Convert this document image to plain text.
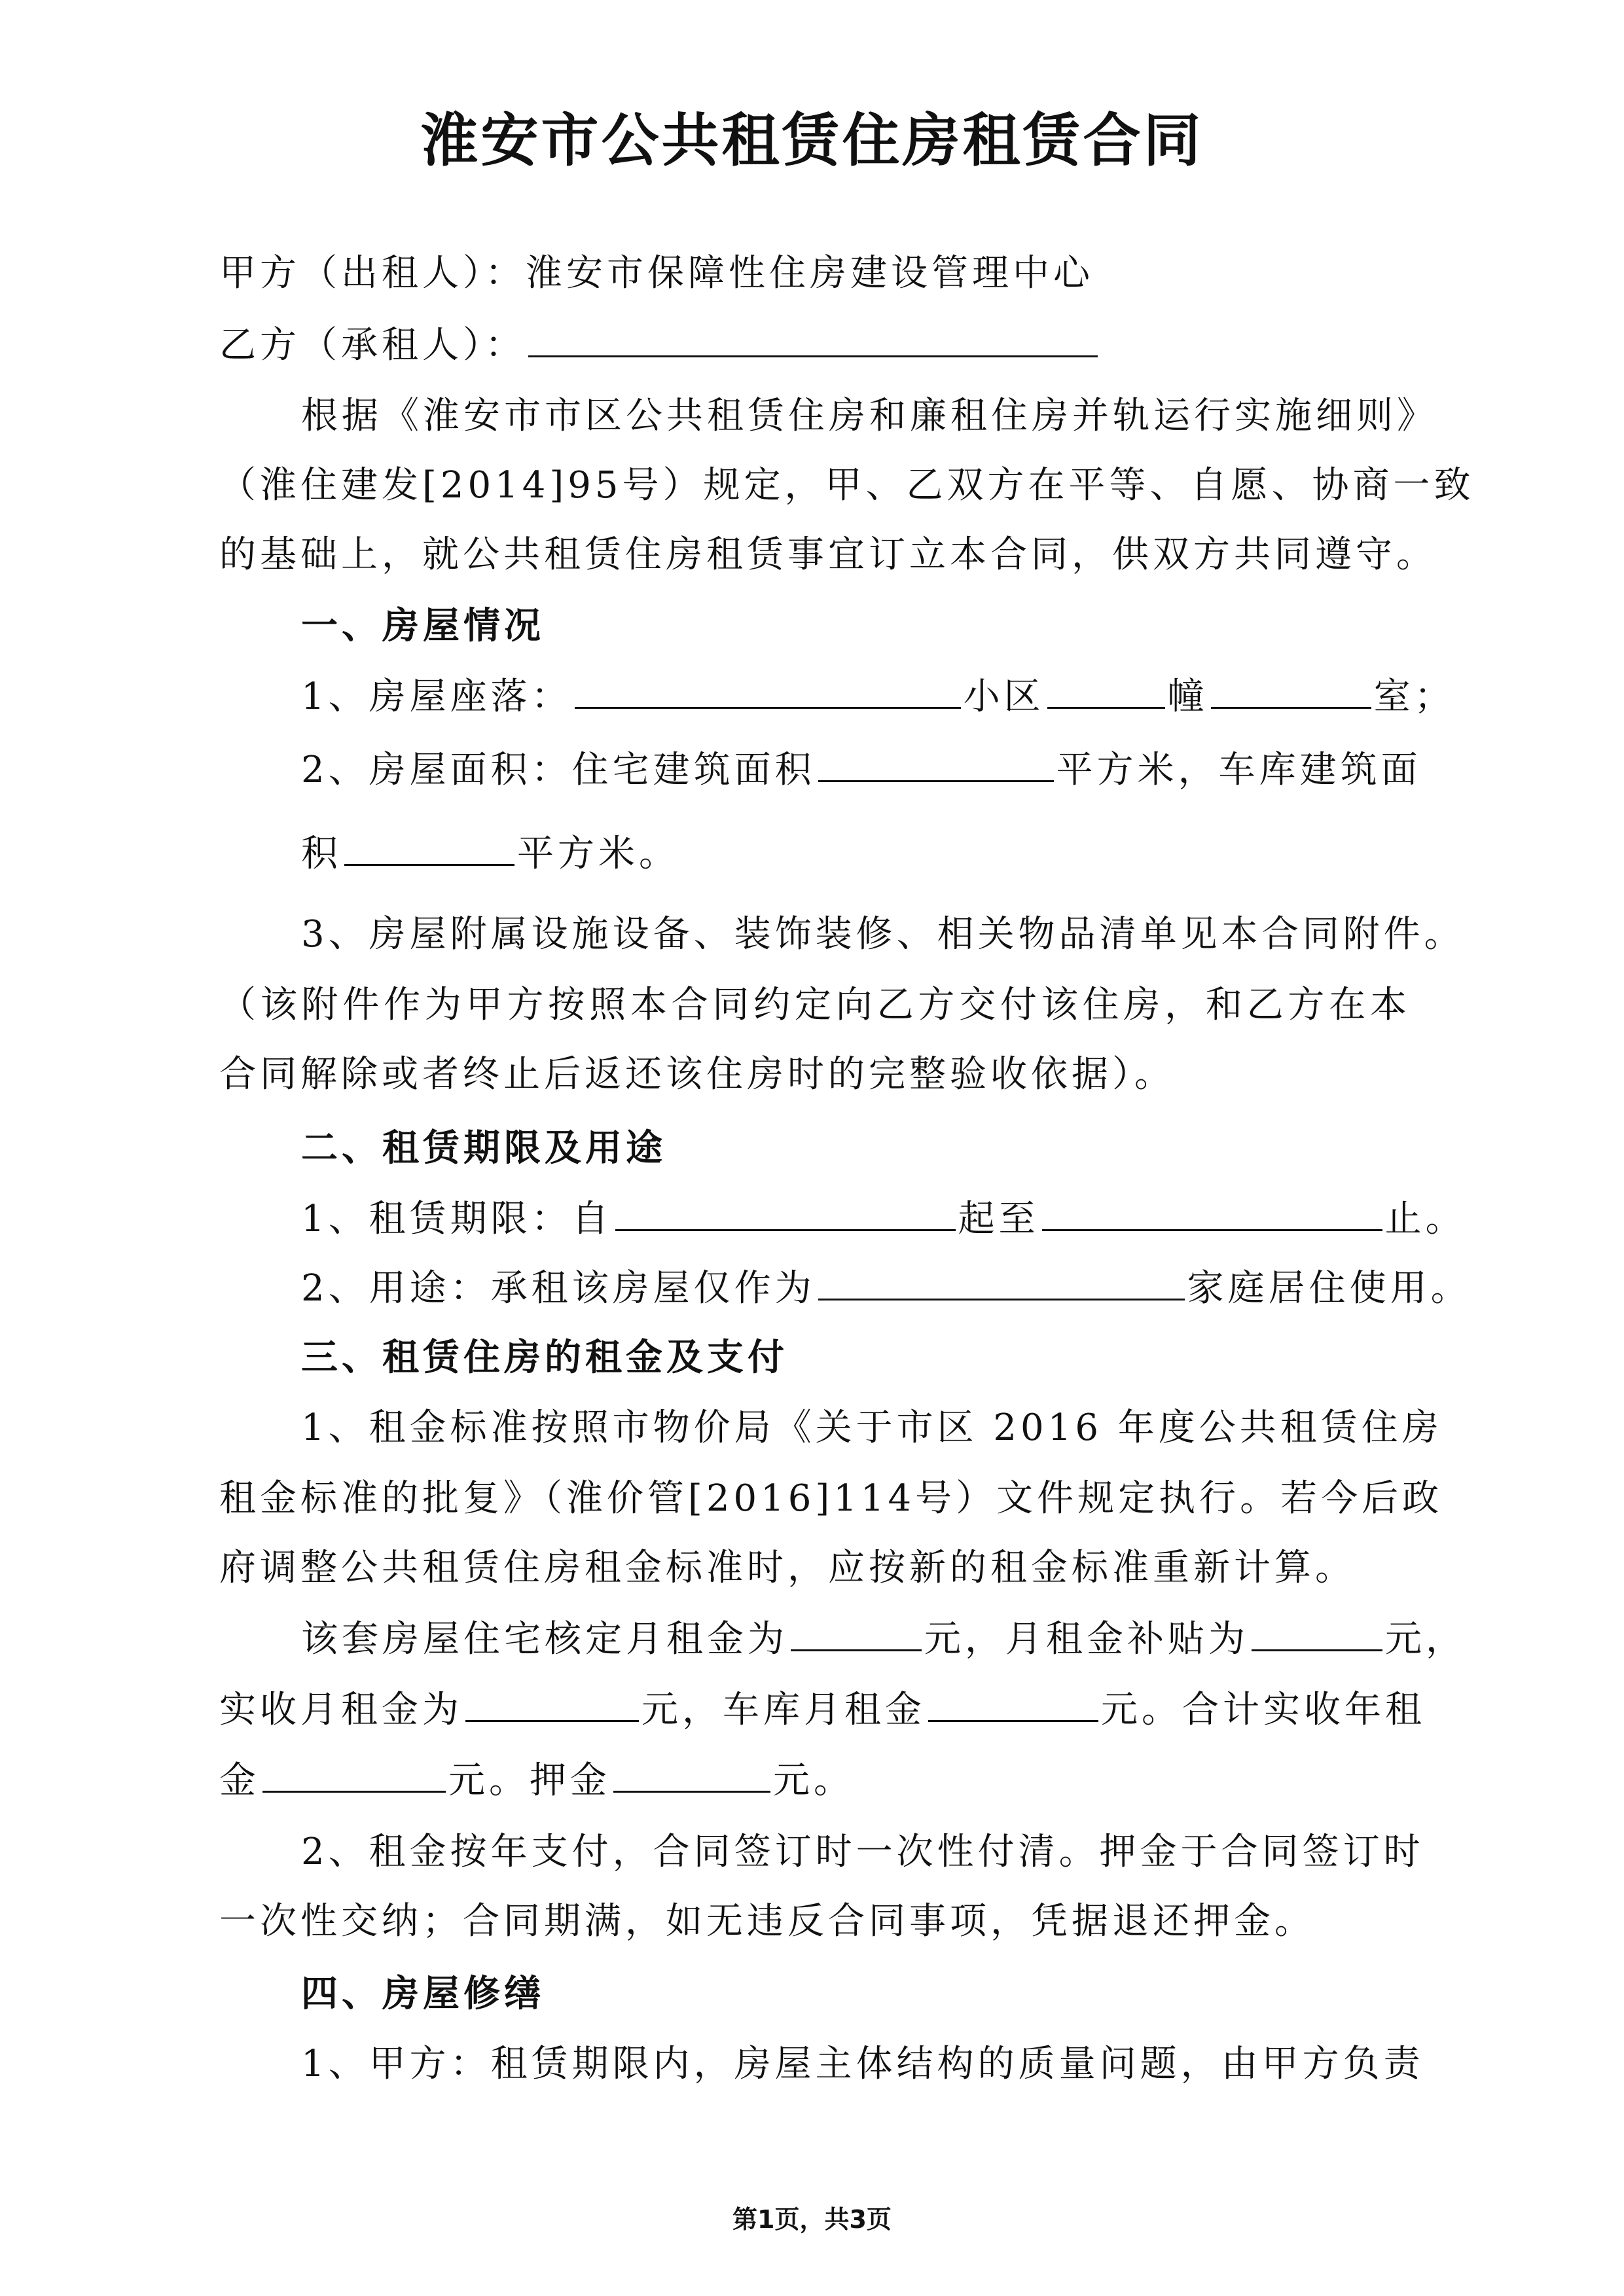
淮安市公共租赁住房租赁合同
甲方（出租人）：淮安市保障性住房建设管理中心
乙方（承租人）：
根据《淮安市市区公共租赁住房和廉租住房并轨运行实施细则》
（淮住建发[2014]95号）规定，甲、乙双方在平等、自愿、协商一致
的基础上，就公共租赁住房租赁事宜订立本合同，供双方共同遵守。
一、房屋情况
1、房屋座落：	小区	幢	室；
2、房屋面积：住宅建筑面积	平方米，车库建筑面
积	平方米。
3、房屋附属设施设备、装饰装修、相关物品清单见本合同附件。
（该附件作为甲方按照本合同约定向乙方交付该住房，和乙方在本
合同解除或者终止后返还该住房时的完整验收依据）。
二、租赁期限及用途
1、租赁期限：自	起至	止。
2、用途：承租该房屋仅作为	家庭居住使用。
三、租赁住房的租金及支付
1、租金标准按照市物价局《关于市区 2016 年度公共租赁住房
租金标准的批复》（淮价管[2016]114号）文件规定执行。若今后政
府调整公共租赁住房租金标准时，应按新的租金标准重新计算。
该套房屋住宅核定月租金为	元，月租金补贴为	元，
实收月租金为	元，车库月租金	元。合计实收年租
金	元。押金	元。
2、租金按年支付，合同签订时一次性付清。押金于合同签订时
一次性交纳；合同期满，如无违反合同事项，凭据退还押金。
四、房屋修缮
1、甲方：租赁期限内，房屋主体结构的质量问题，由甲方负责
第1页，共3页
